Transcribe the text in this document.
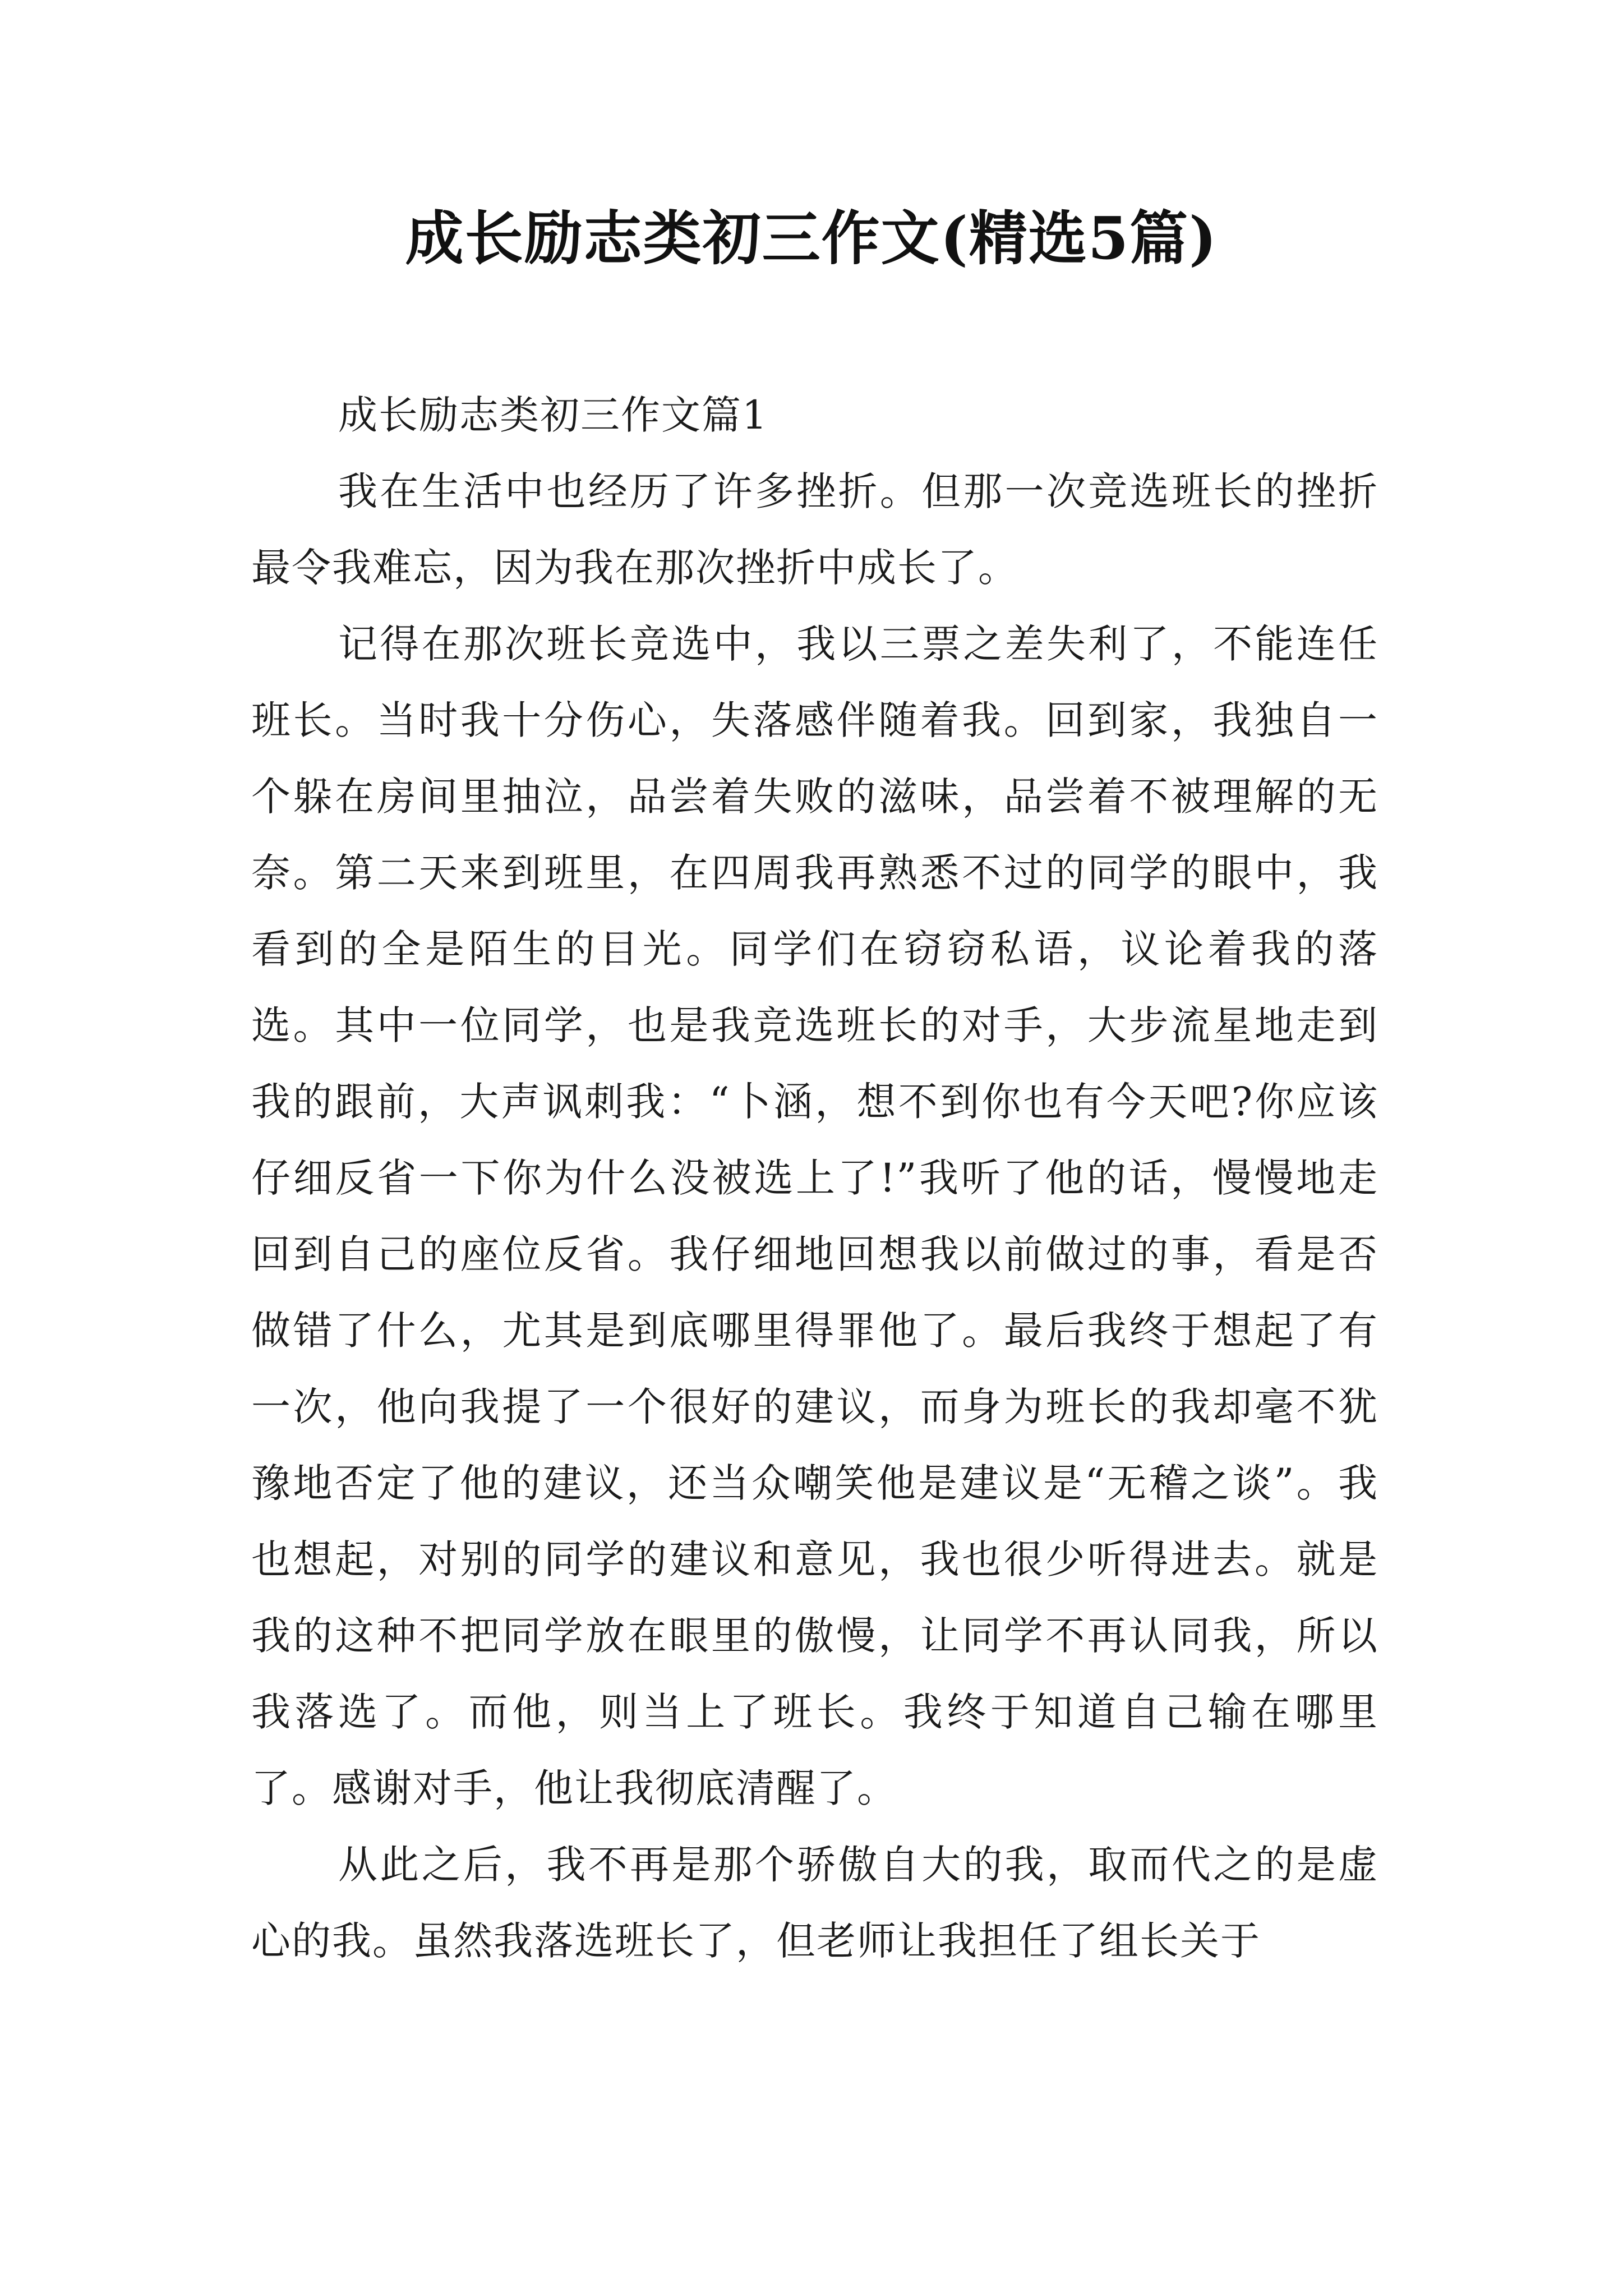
成长励志类初三作文(精选5篇)

成长励志类初三作文篇1

我在生活中也经历了许多挫折。但那一次竞选班长的挫折最令我难忘，因为我在那次挫折中成长了。

记得在那次班长竞选中，我以三票之差失利了，不能连任班长。当时我十分伤心，失落感伴随着我。回到家，我独自一个躲在房间里抽泣，品尝着失败的滋味，品尝着不被理解的无奈。第二天来到班里，在四周我再熟悉不过的同学的眼中，我看到的全是陌生的目光。同学们在窃窃私语，议论着我的落选。其中一位同学，也是我竞选班长的对手，大步流星地走到我的跟前，大声讽刺我：“卜涵，想不到你也有今天吧?你应该仔细反省一下你为什么没被选上了!”我听了他的话，慢慢地走回到自己的座位反省。我仔细地回想我以前做过的事，看是否做错了什么，尤其是到底哪里得罪他了。最后我终于想起了有一次，他向我提了一个很好的建议，而身为班长的我却毫不犹豫地否定了他的建议，还当众嘲笑他是建议是“无稽之谈”。我也想起，对别的同学的建议和意见，我也很少听得进去。就是我的这种不把同学放在眼里的傲慢，让同学不再认同我，所以我落选了。而他，则当上了班长。我终于知道自己输在哪里了。感谢对手，他让我彻底清醒了。

从此之后，我不再是那个骄傲自大的我，取而代之的是虚心的我。虽然我落选班长了，但老师让我担任了组长关于
